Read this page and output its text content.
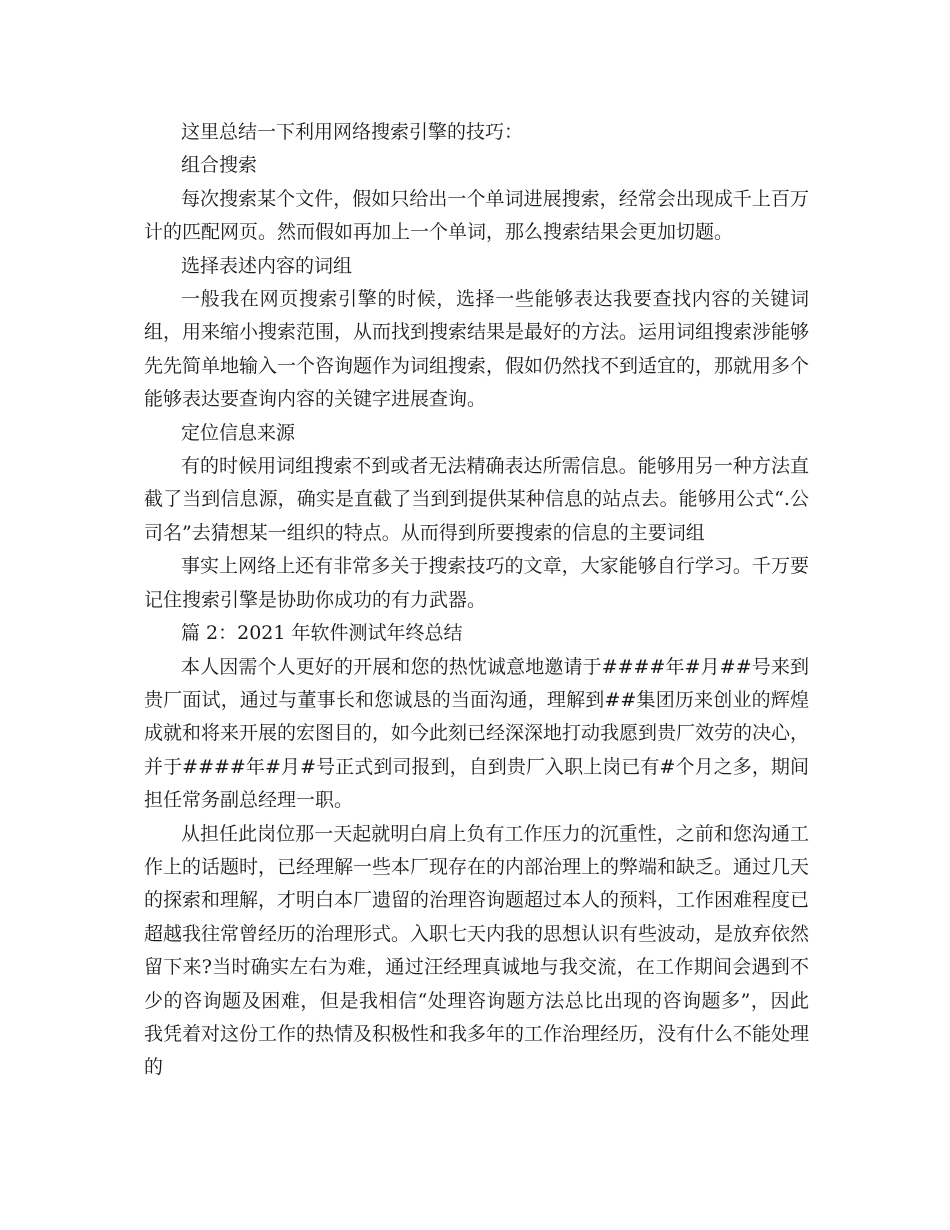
这里总结一下利用网络搜索引擎的技巧：

组合搜索

每次搜索某个文件，假如只给出一个单词进展搜索，经常会出现成千上百万计的匹配网页。然而假如再加上一个单词，那么搜索结果会更加切题。

选择表述内容的词组

一般我在网页搜索引擎的时候，选择一些能够表达我要查找内容的关键词组，用来缩小搜索范围，从而找到搜索结果是最好的方法。运用词组搜索涉能够先先简单地输入一个咨询题作为词组搜索，假如仍然找不到适宜的，那就用多个能够表达要查询内容的关键字进展查询。

定位信息来源

有的时候用词组搜索不到或者无法精确表达所需信息。能够用另一种方法直截了当到信息源，确实是直截了当到到提供某种信息的站点去。能够用公式“.公司名”去猜想某一组织的特点。从而得到所要搜索的信息的主要词组

事实上网络上还有非常多关于搜索技巧的文章，大家能够自行学习。千万要记住搜索引擎是协助你成功的有力武器。

篇 2：2021 年软件测试年终总结

本人因需个人更好的开展和您的热忱诚意地邀请于####年#月##号来到贵厂面试，通过与董事长和您诚恳的当面沟通，理解到##集团历来创业的辉煌成就和将来开展的宏图目的，如今此刻已经深深地打动我愿到贵厂效劳的决心，并于####年#月#号正式到司报到，自到贵厂入职上岗已有#个月之多，期间担任常务副总经理一职。

从担任此岗位那一天起就明白肩上负有工作压力的沉重性，之前和您沟通工作上的话题时，已经理解一些本厂现存在的内部治理上的弊端和缺乏。通过几天的探索和理解，才明白本厂遗留的治理咨询题超过本人的预料，工作困难程度已超越我往常曾经历的治理形式。入职七天内我的思想认识有些波动，是放弃依然留下来?当时确实左右为难，通过汪经理真诚地与我交流，在工作期间会遇到不少的咨询题及困难，但是我相信“处理咨询题方法总比出现的咨询题多”，因此我凭着对这份工作的热情及积极性和我多年的工作治理经历，没有什么不能处理的
